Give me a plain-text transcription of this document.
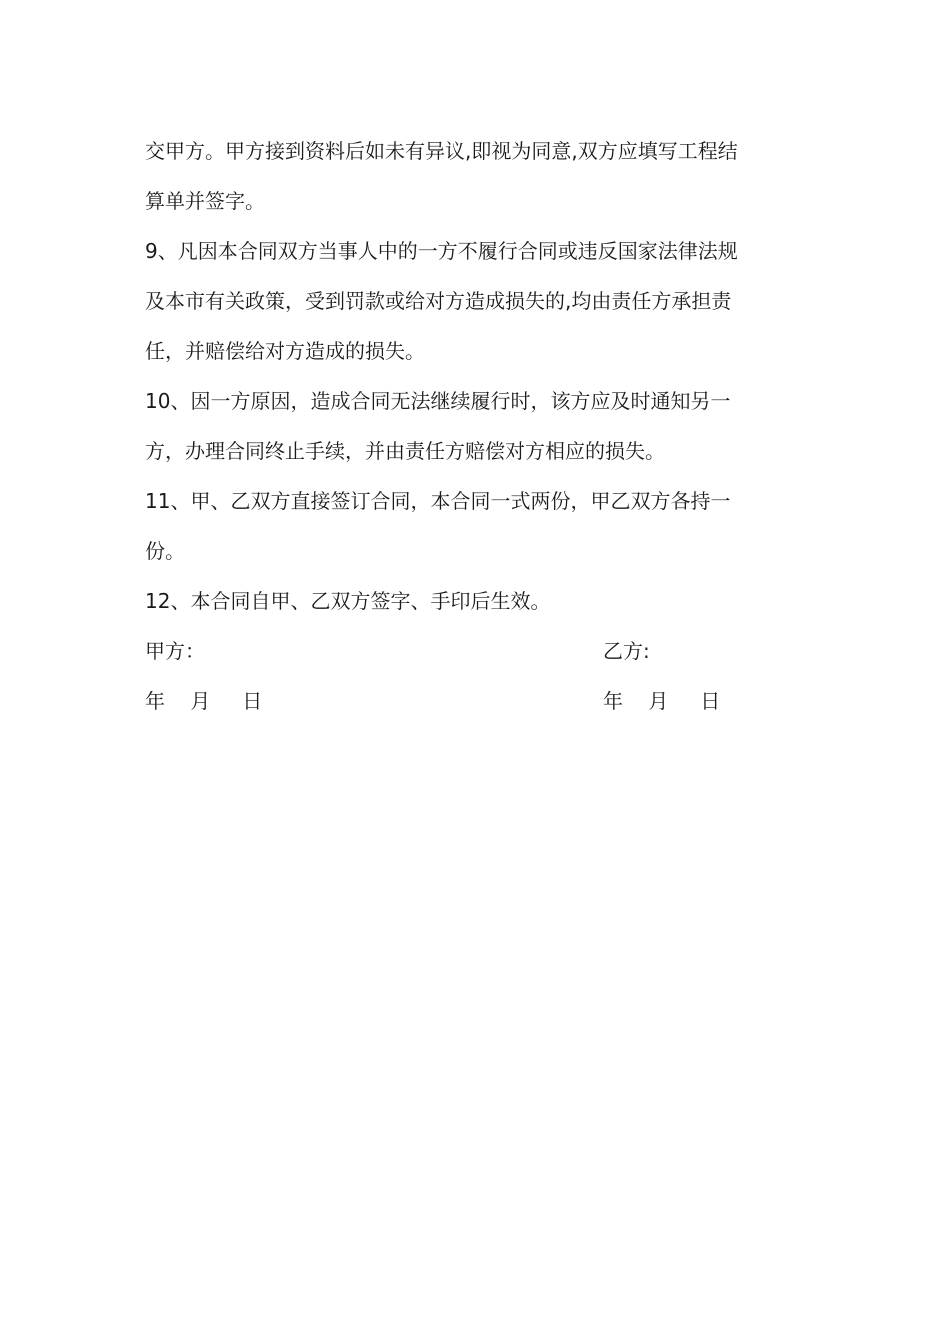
交甲方。甲方接到资料后如未有异议,即视为同意,双方应填写工程结
算单并签字。
9、凡因本合同双方当事人中的一方不履行合同或违反国家法律法规
及本市有关政策，受到罚款或给对方造成损失的,均由责任方承担责
任，并赔偿给对方造成的损失。
10、因一方原因，造成合同无法继续履行时，该方应及时通知另一
方，办理合同终止手续，并由责任方赔偿对方相应的损失。
11、甲、乙双方直接签订合同，本合同一式两份，甲乙双方各持一
份。
12、本合同自甲、乙双方签字、手印后生效。
甲方：	乙方:
年    月     日	年    月     日
